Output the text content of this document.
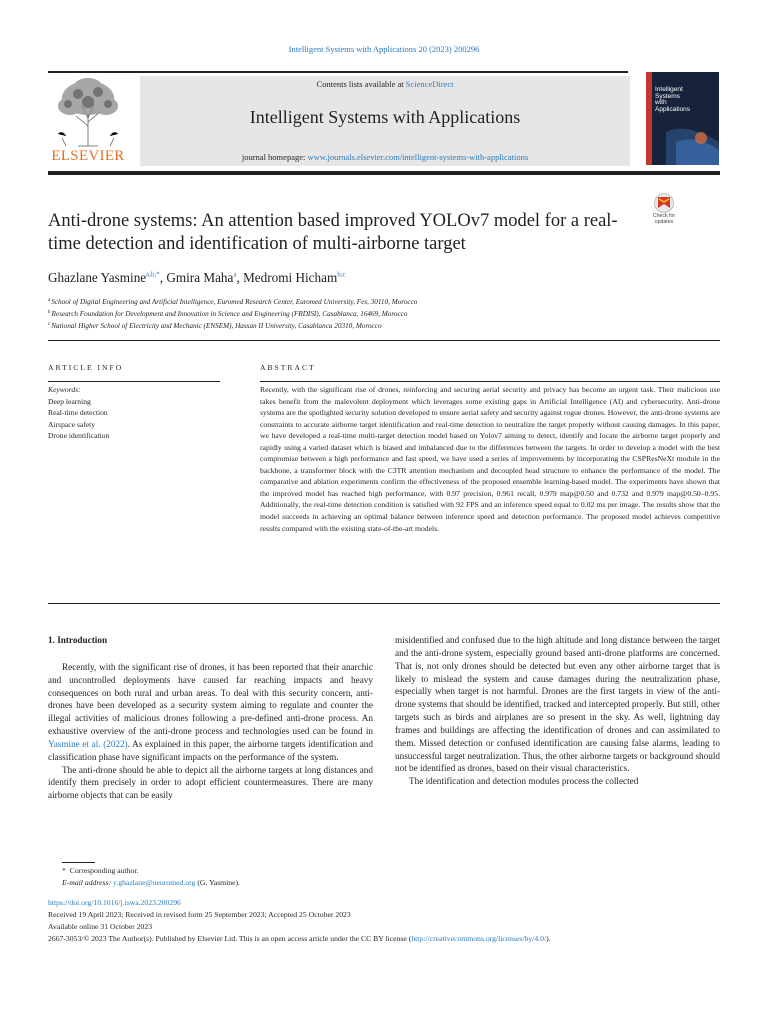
Intelligent Systems with Applications 20 (2023) 200296
ELSEVIER
Contents lists available at ScienceDirect
Intelligent Systems with Applications
journal homepage: www.journals.elsevier.com/intelligent-systems-with-applications
Intelligent
Systems
with
Applications
Anti-drone systems: An attention based improved YOLOv7 model for a real-time detection and identification of multi-airborne target
Check for
updates
Ghazlane Yasmine$^{a,b,*}$, Gmira Maha$^a$, Medromi Hicham$^{b,c}$
$^a$School of Digital Engineering and Artificial Intelligence, Euromed Research Center, Euromed University, Fes, 30110, Morocco
$^b$Research Foundation for Development and Innovation in Science and Engineering (FRDISI), Casablanca, 16469, Morocco
$^c$National Higher School of Electricity and Mechanic (ENSEM), Hassan II University, Casablanca 20310, Morocco
ARTICLE INFO	ABSTRACT
Keywords:
Deep learning
Real-time detection
Airspace safety
Drone identification
Recently, with the significant rise of drones, reinforcing and securing aerial security and privacy has become an urgent task. Their malicious use takes benefit from the malevolent deployment which leverages some existing gaps in Artificial Intelligence (AI) and cybersecurity. Anti-drone systems are the spotlighted security solution developed to ensure aerial safety and security against rogue drones. However, the anti-drone systems are constraints to accurate airborne target identification and real-time detection to neutralize the target properly without causing damages. In this paper, we have developed a real-time multi-target detection model based on Yolov7 aiming to detect, identify and locate the airborne target properly and rapidly using a varied dataset which is biased and imbalanced due to the differences between the targets. In order to develop a model with the best compromise between a high performance and fast speed, we have used a series of improvements by incorporating the CSPResNeXt module in the backbone, a transformer block with the C3TR attention mechanism and decoupled head structure to enhance the performance of the model. The comparative and ablation experiments confirm the effectiveness of the proposed ensemble learning-based model. The experiments have shown that the improved model has reached high performance, with 0.97 precision, 0.961 recall, 0.979 map@0.50 and 0.732 and 0.979 map@0.50–0.95. Additionally, the real-time detection condition is satisfied with 92 FPS and an inference speed equal to 0.02 ms per image. The results show that the model succeeds in achieving an optimal balance between inference speed and detection performance. The proposed model achieves competitive results compared with the existing state-of-the-art models.
1. Introduction

Recently, with the significant rise of drones, it has been reported that their anarchic and uncontrolled deployments have caused far reaching impacts and heavy consequences on both rural and urban areas. To deal with this security concern, anti-drones have been developed as a security system aiming to regulate and counter the illegal activities of malicious drones following a pre-defined anti-drone process. An exhaustive overview of the anti-drone process and technologies used can be found in Yasmine et al. (2022). As explained in this paper, the airborne targets identification and classification phase have significant impacts on the performance of the system.

The anti-drone should be able to depict all the airborne targets at long distances and identify them precisely in order to adopt efficient countermeasures. There are many airborne objects that can be easily

misidentified and confused due to the high altitude and long distance between the target and the anti-drone system, especially ground based anti-drone platforms are concerned. That is, not only drones should be detected but even any other airborne target that is likely to mislead the system and cause damages during the neutralization phase, especially when target is not harmful. Drones are the first targets in view of the anti-drone systems that should be identified, tracked and intercepted properly. But still, other targets such as birds and airplanes are so present in the sky. As well, lightning day frames and buildings are affecting the identification of drones and can assimilated to them. Missed detection or confused identification are causing false alarms, leading to unsuccessful target neutralization. Thus, the other airborne targets or background should not be identified as drones, based on their visual characteristics.

The identification and detection modules process the collected

* Corresponding author.
E-mail address: y.ghazlane@ueuromed.org (G. Yasmine).
https://doi.org/10.1016/j.iswa.2023.200296
Received 19 April 2023; Received in revised form 25 September 2023; Accepted 25 October 2023
Available online 31 October 2023
2667-3053/© 2023 The Author(s). Published by Elsevier Ltd. This is an open access article under the CC BY license (http://creativecommons.org/licenses/by/4.0/).
